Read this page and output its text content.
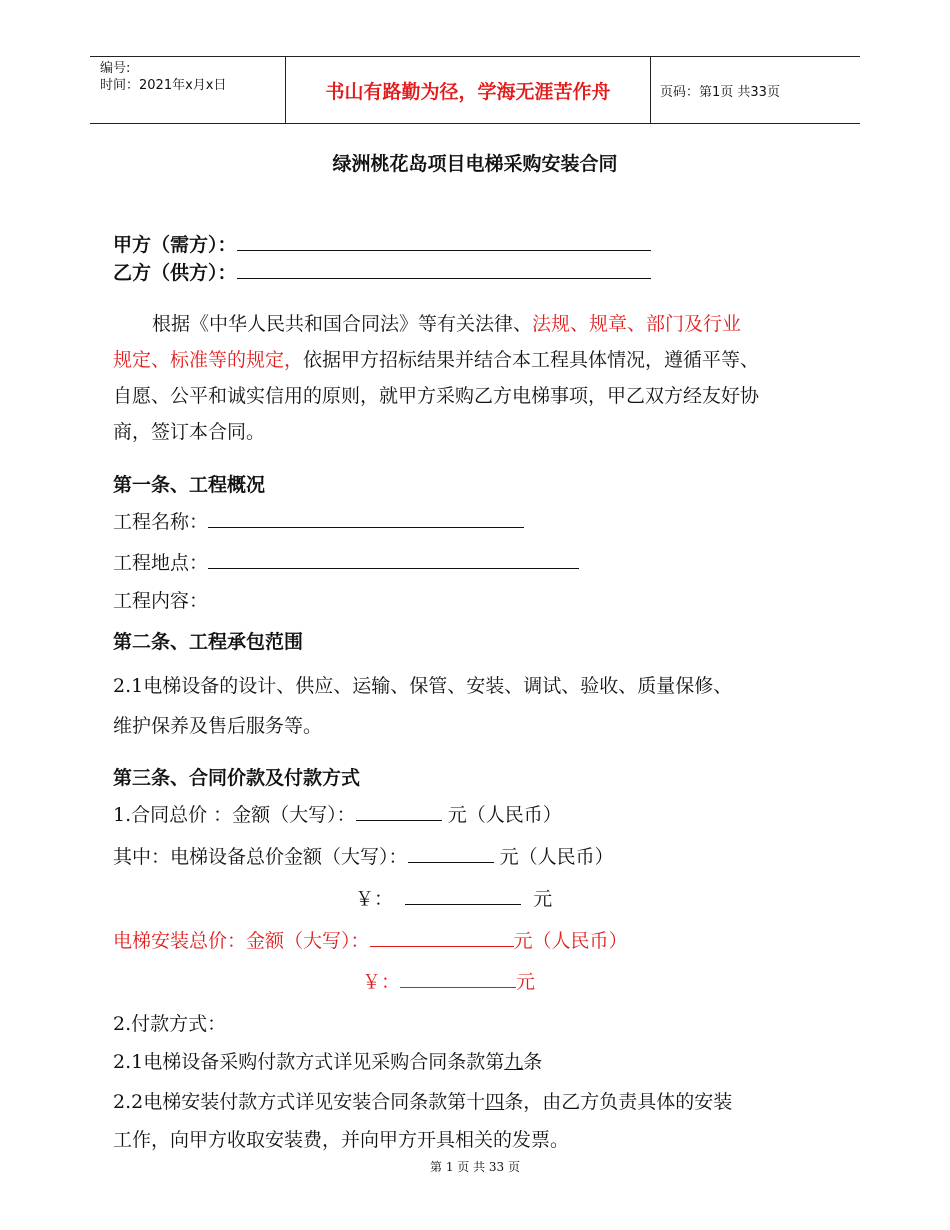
编号:
时间：2021年x月x日	书山有路勤为径，学海无涯苦作舟	页码：第1页 共33页
绿洲桃花岛项目电梯采购安装合同
甲方（需方）：
乙方（供方）：
根据《中华人民共和国合同法》等有关法律、法规、规章、部门及行业
规定、标准等的规定，依据甲方招标结果并结合本工程具体情况，遵循平等、
自愿、公平和诚实信用的原则，就甲方采购乙方电梯事项，甲乙双方经友好协
商，签订本合同。
第一条、工程概况
工程名称：
工程地点：
工程内容：
第二条、工程承包范围
2.1电梯设备的设计、供应、运输、保管、安装、调试、验收、质量保修、
维护保养及售后服务等。
第三条、合同价款及付款方式
1.合同总价 ：金额（大写）：	元（人民币）
其中：电梯设备总价金额（大写）：	元（人民币）
￥：	元
电梯安装总价：金额（大写）：	元（人民币）
￥：	元
2.付款方式：
2.1电梯设备采购付款方式详见采购合同条款第九条
2.2电梯安装付款方式详见安装合同条款第十四条，由乙方负责具体的安装
工作，向甲方收取安装费，并向甲方开具相关的发票。
第 1 页 共 33 页
